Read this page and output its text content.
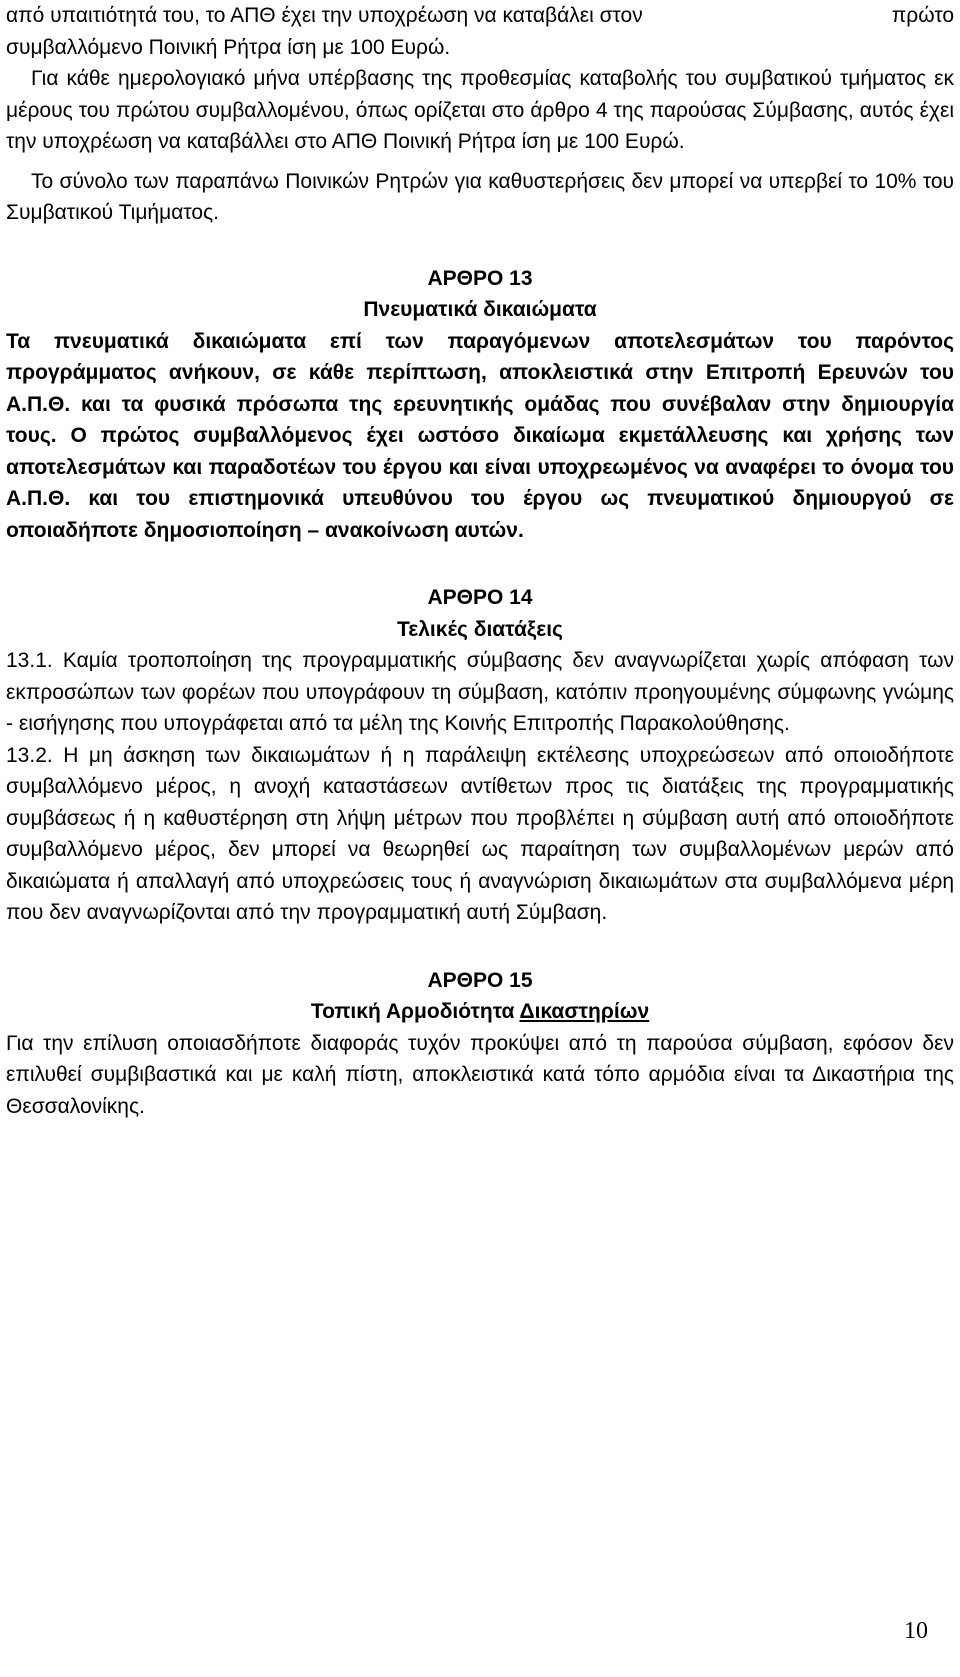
από υπαιτιότητά του, το ΑΠΘ έχει την υποχρέωση να καταβάλει στον	πρώτο

συμβαλλόμενο Ποινική Ρήτρα ίση με 100 Ευρώ.

Για κάθε ημερολογιακό μήνα υπέρβασης της προθεσμίας καταβολής του συμβατικού τμήματος εκ μέρους του πρώτου συμβαλλομένου, όπως ορίζεται στο άρθρο 4 της παρούσας Σύμβασης, αυτός έχει την υποχρέωση να καταβάλλει στο ΑΠΘ Ποινική Ρήτρα ίση με 100 Ευρώ.

Το σύνολο των παραπάνω Ποινικών Ρητρών για καθυστερήσεις δεν μπορεί να υπερβεί το 10% του Συμβατικού Τιμήματος.

ΑΡΘΡΟ 13

Πνευματικά δικαιώματα

Τα πνευματικά δικαιώματα επί των παραγόμενων αποτελεσμάτων του παρόντος προγράμματος ανήκουν, σε κάθε περίπτωση, αποκλειστικά στην Επιτροπή Ερευνών του Α.Π.Θ. και τα φυσικά πρόσωπα της ερευνητικής ομάδας που συνέβαλαν στην δημιουργία τους. Ο πρώτος συμβαλλόμενος έχει ωστόσο δικαίωμα εκμετάλλευσης και χρήσης των αποτελεσμάτων και παραδοτέων του έργου και είναι υποχρεωμένος να αναφέρει το όνομα του Α.Π.Θ. και του επιστημονικά υπευθύνου του έργου ως πνευματικού δημιουργού σε οποιαδήποτε δημοσιοποίηση – ανακοίνωση αυτών.

ΑΡΘΡΟ 14

Τελικές διατάξεις

13.1. Καμία τροποποίηση της προγραμματικής σύμβασης δεν αναγνωρίζεται χωρίς απόφαση των εκπροσώπων των φορέων που υπογράφουν τη σύμβαση, κατόπιν προηγουμένης σύμφωνης γνώμης - εισήγησης που υπογράφεται από τα μέλη της Κοινής Επιτροπής Παρακολούθησης.

13.2. Η μη άσκηση των δικαιωμάτων ή η παράλειψη εκτέλεσης υποχρεώσεων από οποιοδήποτε συμβαλλόμενο μέρος, η ανοχή καταστάσεων αντίθετων προς τις διατάξεις της προγραμματικής συμβάσεως ή η καθυστέρηση στη λήψη μέτρων που προβλέπει η σύμβαση αυτή από οποιοδήποτε συμβαλλόμενο μέρος, δεν μπορεί να θεωρηθεί ως παραίτηση των συμβαλλομένων μερών από δικαιώματα ή απαλλαγή από υποχρεώσεις τους ή αναγνώριση δικαιωμάτων στα συμβαλλόμενα μέρη που δεν αναγνωρίζονται από την προγραμματική αυτή Σύμβαση.

ΑΡΘΡΟ 15

Τοπική Αρμοδιότητα Δικαστηρίων

Για την επίλυση οποιασδήποτε διαφοράς τυχόν προκύψει από τη παρούσα σύμβαση, εφόσον δεν επιλυθεί συμβιβαστικά και με καλή πίστη, αποκλειστικά κατά τόπο αρμόδια είναι τα Δικαστήρια της Θεσσαλονίκης.

10
